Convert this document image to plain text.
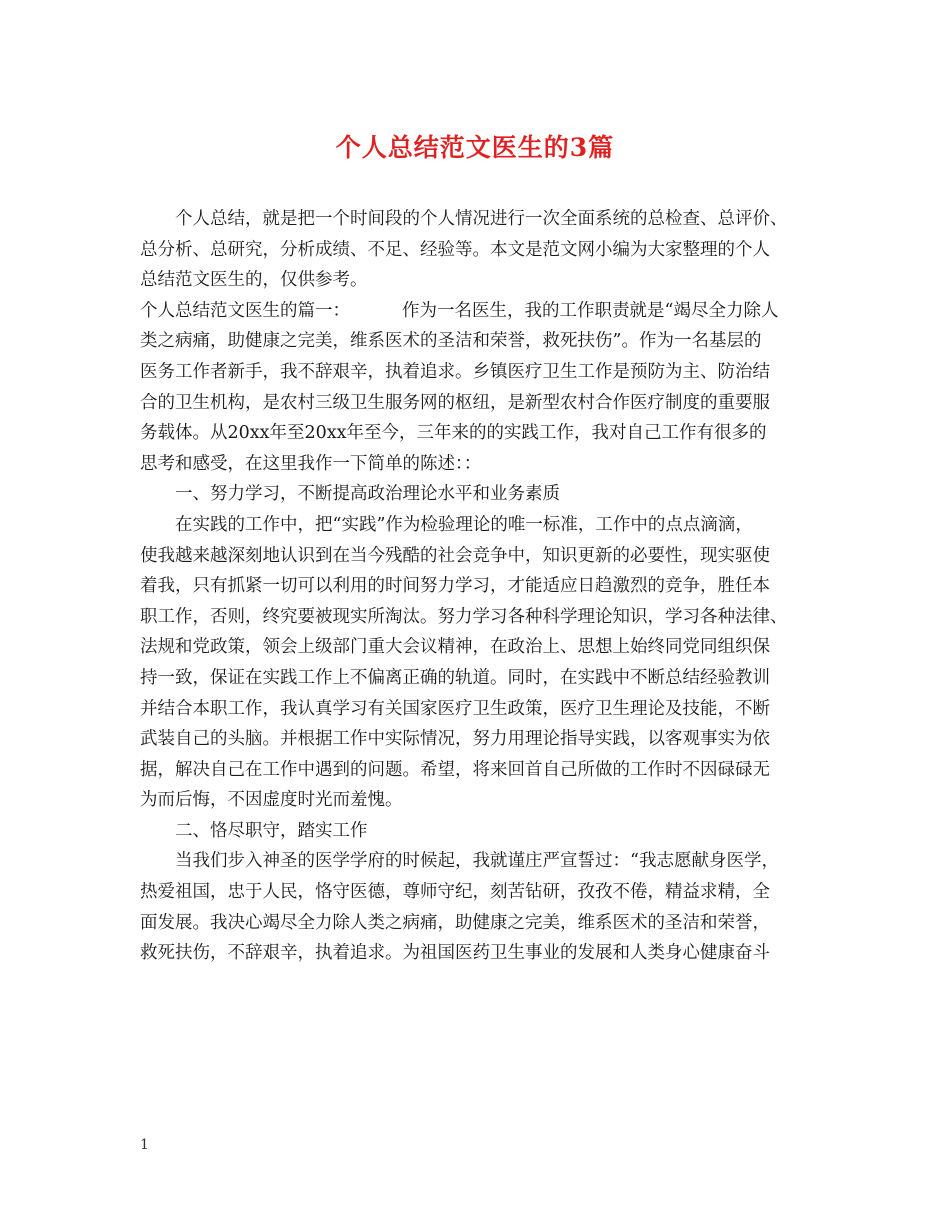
个人总结范文医生的3篇
个人总结，就是把一个时间段的个人情况进行一次全面系统的总检查、总评价、
总分析、总研究，分析成绩、不足、经验等。本文是范文网小编为大家整理的个人
总结范文医生的，仅供参考。
个人总结范文医生的篇一：	作为一名医生，我的工作职责就是“竭尽全力除人
类之病痛，助健康之完美，维系医术的圣洁和荣誉，救死扶伤”。作为一名基层的
医务工作者新手，我不辞艰辛，执着追求。乡镇医疗卫生工作是预防为主、防治结
合的卫生机构，是农村三级卫生服务网的枢纽，是新型农村合作医疗制度的重要服
务载体。从20xx年至20xx年至今，三年来的的实践工作，我对自己工作有很多的
思考和感受，在这里我作一下简单的陈述：：
一、努力学习，不断提高政治理论水平和业务素质
在实践的工作中，把“实践”作为检验理论的唯一标准，工作中的点点滴滴，
使我越来越深刻地认识到在当今残酷的社会竞争中，知识更新的必要性，现实驱使
着我，只有抓紧一切可以利用的时间努力学习，才能适应日趋激烈的竞争，胜任本
职工作，否则，终究要被现实所淘汰。努力学习各种科学理论知识，学习各种法律、
法规和党政策，领会上级部门重大会议精神，在政治上、思想上始终同党同组织保
持一致，保证在实践工作上不偏离正确的轨道。同时，在实践中不断总结经验教训
并结合本职工作，我认真学习有关国家医疗卫生政策，医疗卫生理论及技能，不断
武装自己的头脑。并根据工作中实际情况，努力用理论指导实践，以客观事实为依
据，解决自己在工作中遇到的问题。希望，将来回首自己所做的工作时不因碌碌无
为而后悔，不因虚度时光而羞愧。
二、恪尽职守，踏实工作
当我们步入神圣的医学学府的时候起，我就谨庄严宣誓过：“我志愿献身医学，
热爱祖国，忠于人民，恪守医德，尊师守纪，刻苦钻研，孜孜不倦，精益求精，全
面发展。我决心竭尽全力除人类之病痛，助健康之完美，维系医术的圣洁和荣誉，
救死扶伤，不辞艰辛，执着追求。为祖国医药卫生事业的发展和人类身心健康奋斗
1
